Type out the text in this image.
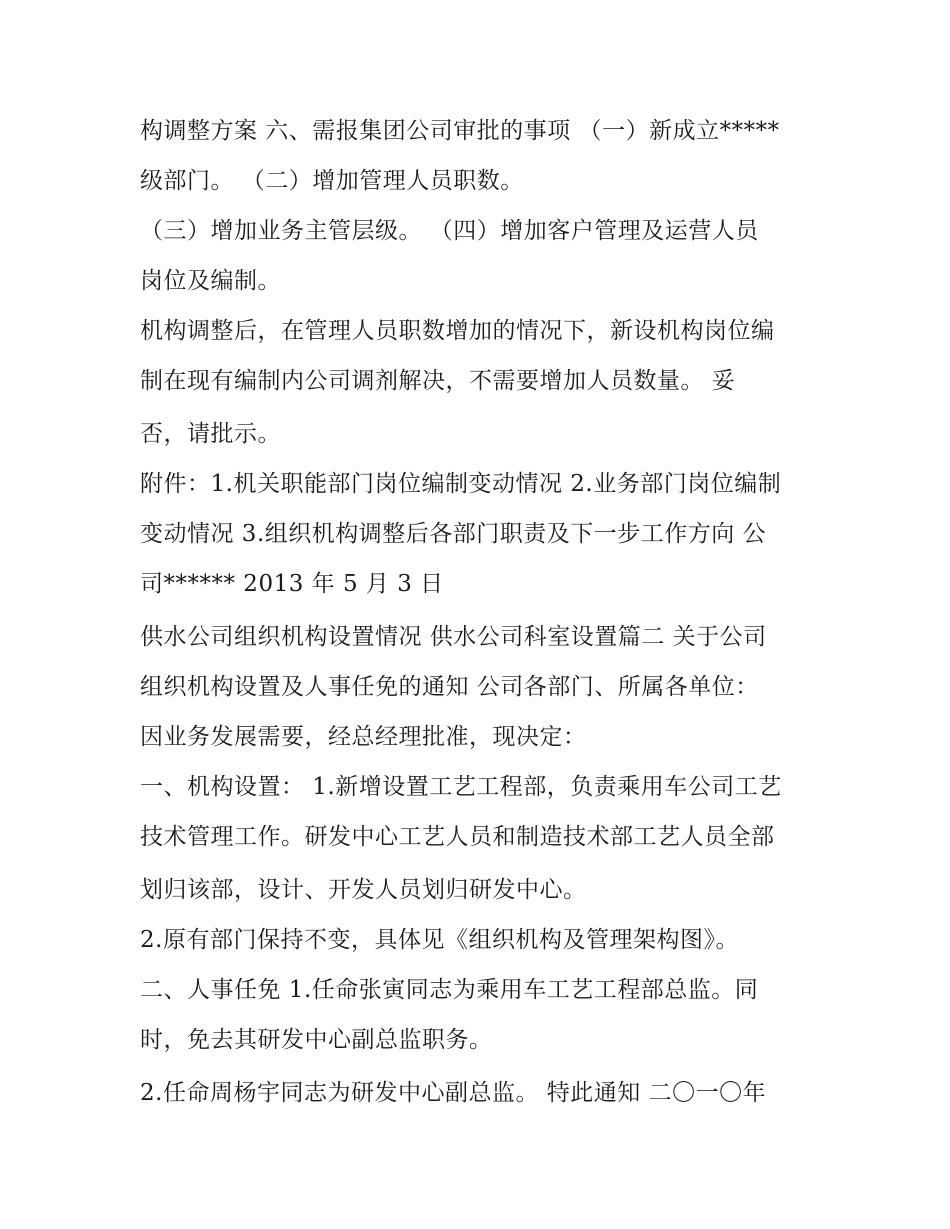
构调整方案 六、需报集团公司审批的事项 （一）新成立*****
级部门。 （二）增加管理人员职数。
（三）增加业务主管层级。 （四）增加客户管理及运营人员
岗位及编制。
机构调整后，在管理人员职数增加的情况下，新设机构岗位编
制在现有编制内公司调剂解决，不需要增加人员数量。 妥
否，请批示。
附件：1.机关职能部门岗位编制变动情况 2.业务部门岗位编制
变动情况 3.组织机构调整后各部门职责及下一步工作方向 公
司****** 2013 年 5 月 3 日
供水公司组织机构设置情况 供水公司科室设置篇二 关于公司
组织机构设置及人事任免的通知 公司各部门、所属各单位：
因业务发展需要，经总经理批准，现决定：
一、机构设置： 1.新增设置工艺工程部，负责乘用车公司工艺
技术管理工作。研发中心工艺人员和制造技术部工艺人员全部
划归该部，设计、开发人员划归研发中心。
2.原有部门保持不变，具体见《组织机构及管理架构图》。
二、人事任免 1.任命张寅同志为乘用车工艺工程部总监。同
时，免去其研发中心副总监职务。
2.任命周杨宇同志为研发中心副总监。 特此通知 二〇一〇年
